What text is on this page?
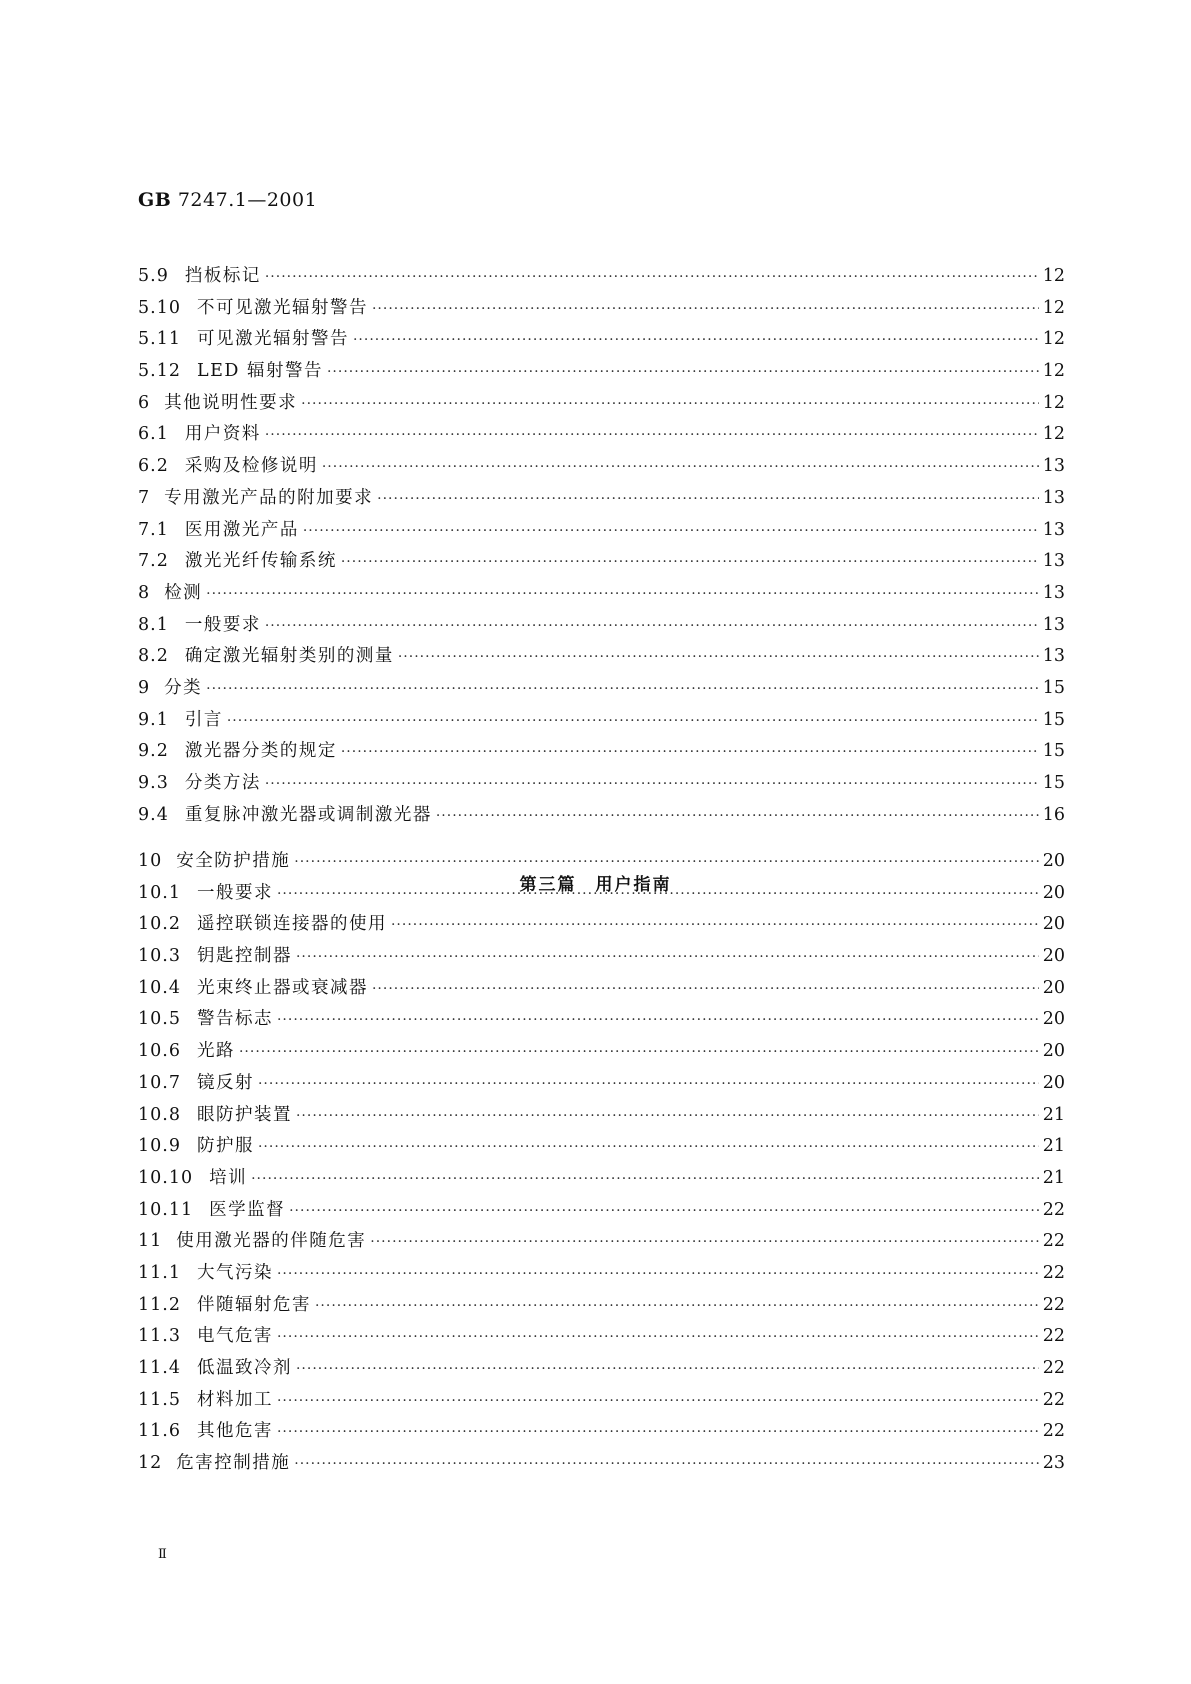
GB 7247.1—2001
5.9 挡板标记 ·····	12
5.10 不可见激光辐射警告 ·····	12
5.11 可见激光辐射警告 ·····	12
5.12 LED 辐射警告 ·····	12
6 其他说明性要求 ·····	12
6.1 用户资料 ·····	12
6.2 采购及检修说明 ·····	13
7 专用激光产品的附加要求 ·····	13
7.1 医用激光产品 ·····	13
7.2 激光光纤传输系统 ·····	13
8 检测 ·····	13
8.1 一般要求 ·····	13
8.2 确定激光辐射类别的测量 ·····	13
9 分类 ·····	15
9.1 引言 ·····	15
9.2 激光器分类的规定 ·····	15
9.3 分类方法 ·····	15
9.4 重复脉冲激光器或调制激光器 ·····	16
第三篇　用户指南
10 安全防护措施 ·····	20
10.1 一般要求 ·····	20
10.2 遥控联锁连接器的使用 ·····	20
10.3 钥匙控制器 ·····	20
10.4 光束终止器或衰减器 ·····	20
10.5 警告标志 ·····	20
10.6 光路 ·····	20
10.7 镜反射 ·····	20
10.8 眼防护装置 ·····	21
10.9 防护服 ·····	21
10.10 培训 ·····	21
10.11 医学监督 ·····	22
11 使用激光器的伴随危害 ·····	22
11.1 大气污染 ·····	22
11.2 伴随辐射危害 ·····	22
11.3 电气危害 ·····	22
11.4 低温致冷剂 ·····	22
11.5 材料加工 ·····	22
11.6 其他危害 ·····	22
12 危害控制措施 ·····	23
Ⅱ
